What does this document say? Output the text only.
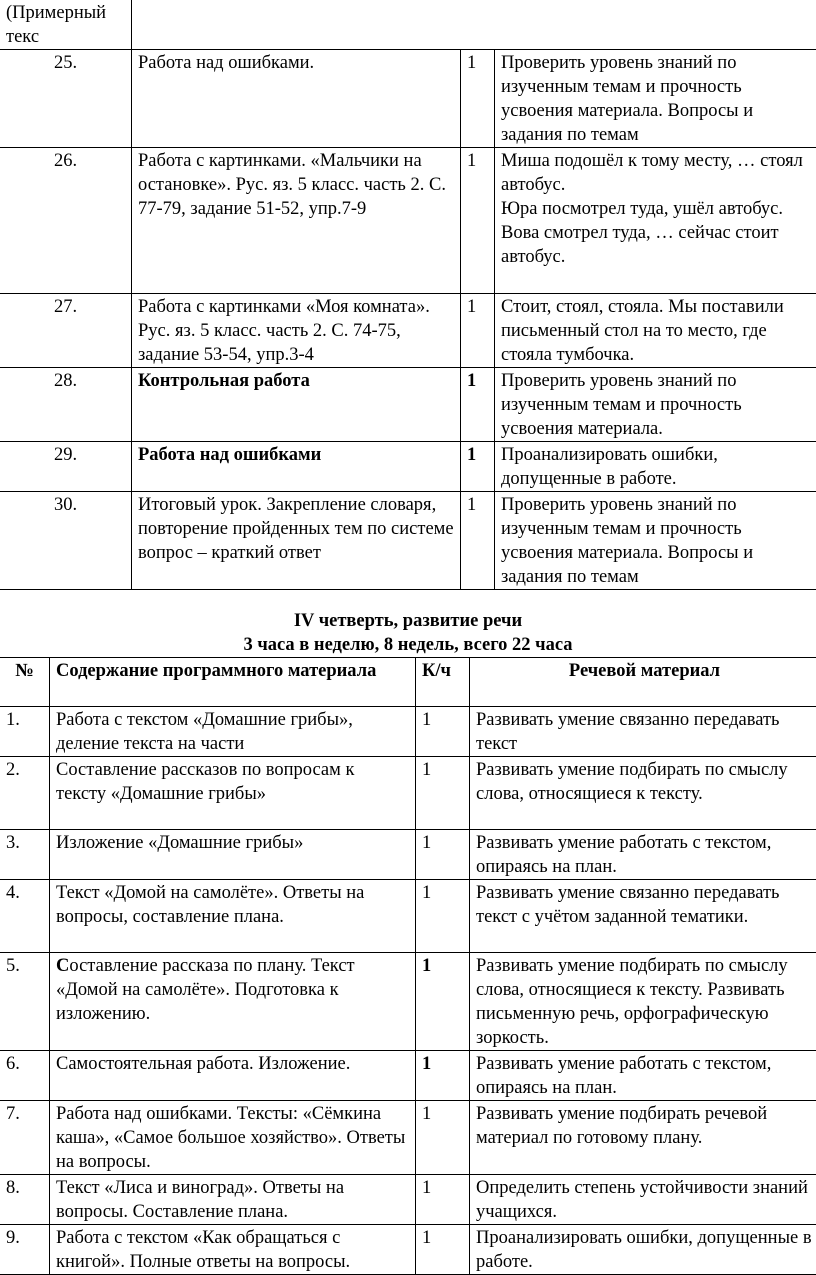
(Примерный текс			
25.	Работа над ошибками.	1	Проверить уровень знаний по изученным темам и прочность усвоения материала. Вопросы и задания по темам
26.	Работа с картинками. «Мальчики на остановке». Рус. яз. 5 класс. часть 2. С. 77-79, задание 51-52, упр.7-9	1	Миша подошёл к тому месту, … стоял автобус.
Юра посмотрел туда, ушёл автобус.
Вова смотрел туда, … сейчас стоит автобус.

27.	Работа с картинками «Моя комната». Рус. яз. 5 класс. часть 2. С. 74-75, задание 53-54, упр.3-4	1	Стоит, стоял, стояла. Мы поставили письменный стол на то место, где стояла тумбочка.
28.	Контрольная работа	1	Проверить уровень знаний по изученным темам и прочность усвоения материала.
29.	Работа над ошибками	1	Проанализировать ошибки, допущенные в работе.
30.	Итоговый урок. Закрепление словаря, повторение пройденных тем по системе вопрос – краткий ответ	1	Проверить уровень знаний по изученным темам и прочность усвоения материала. Вопросы и задания по темам
IV четверть, развитие речи
3 часа в неделю, 8 недель, всего 22 часа
№	Содержание программного материала	К/ч	Речевой материал
1.	Работа с текстом «Домашние грибы», деление текста на части	1	Развивать умение связанно передавать текст
2.	Составление рассказов по вопросам к тексту «Домашние грибы»	1	Развивать умение подбирать по смыслу слова, относящиеся к тексту.
3.	Изложение «Домашние грибы»	1	Развивать умение работать с текстом, опираясь на план.
4.	Текст «Домой на самолёте». Ответы на вопросы, составление плана.	1	Развивать умение связанно передавать текст с учётом заданной тематики.
5.	Составление рассказа по плану. Текст «Домой на самолёте». Подготовка к изложению.	1	Развивать умение подбирать по смыслу слова, относящиеся к тексту. Развивать письменную речь, орфографическую зоркость.
6.	Самостоятельная работа. Изложение.	1	Развивать умение работать с текстом, опираясь на план.
7.	Работа над ошибками. Тексты: «Сёмкина каша», «Самое большое хозяйство». Ответы на вопросы.	1	Развивать умение подбирать речевой материал по готовому плану.
8.	Текст «Лиса и виноград». Ответы на вопросы. Составление плана.	1	Определить степень устойчивости знаний учащихся.
9.	Работа с текстом «Как обращаться с книгой». Полные ответы на вопросы.	1	Проанализировать ошибки, допущенные в работе.
